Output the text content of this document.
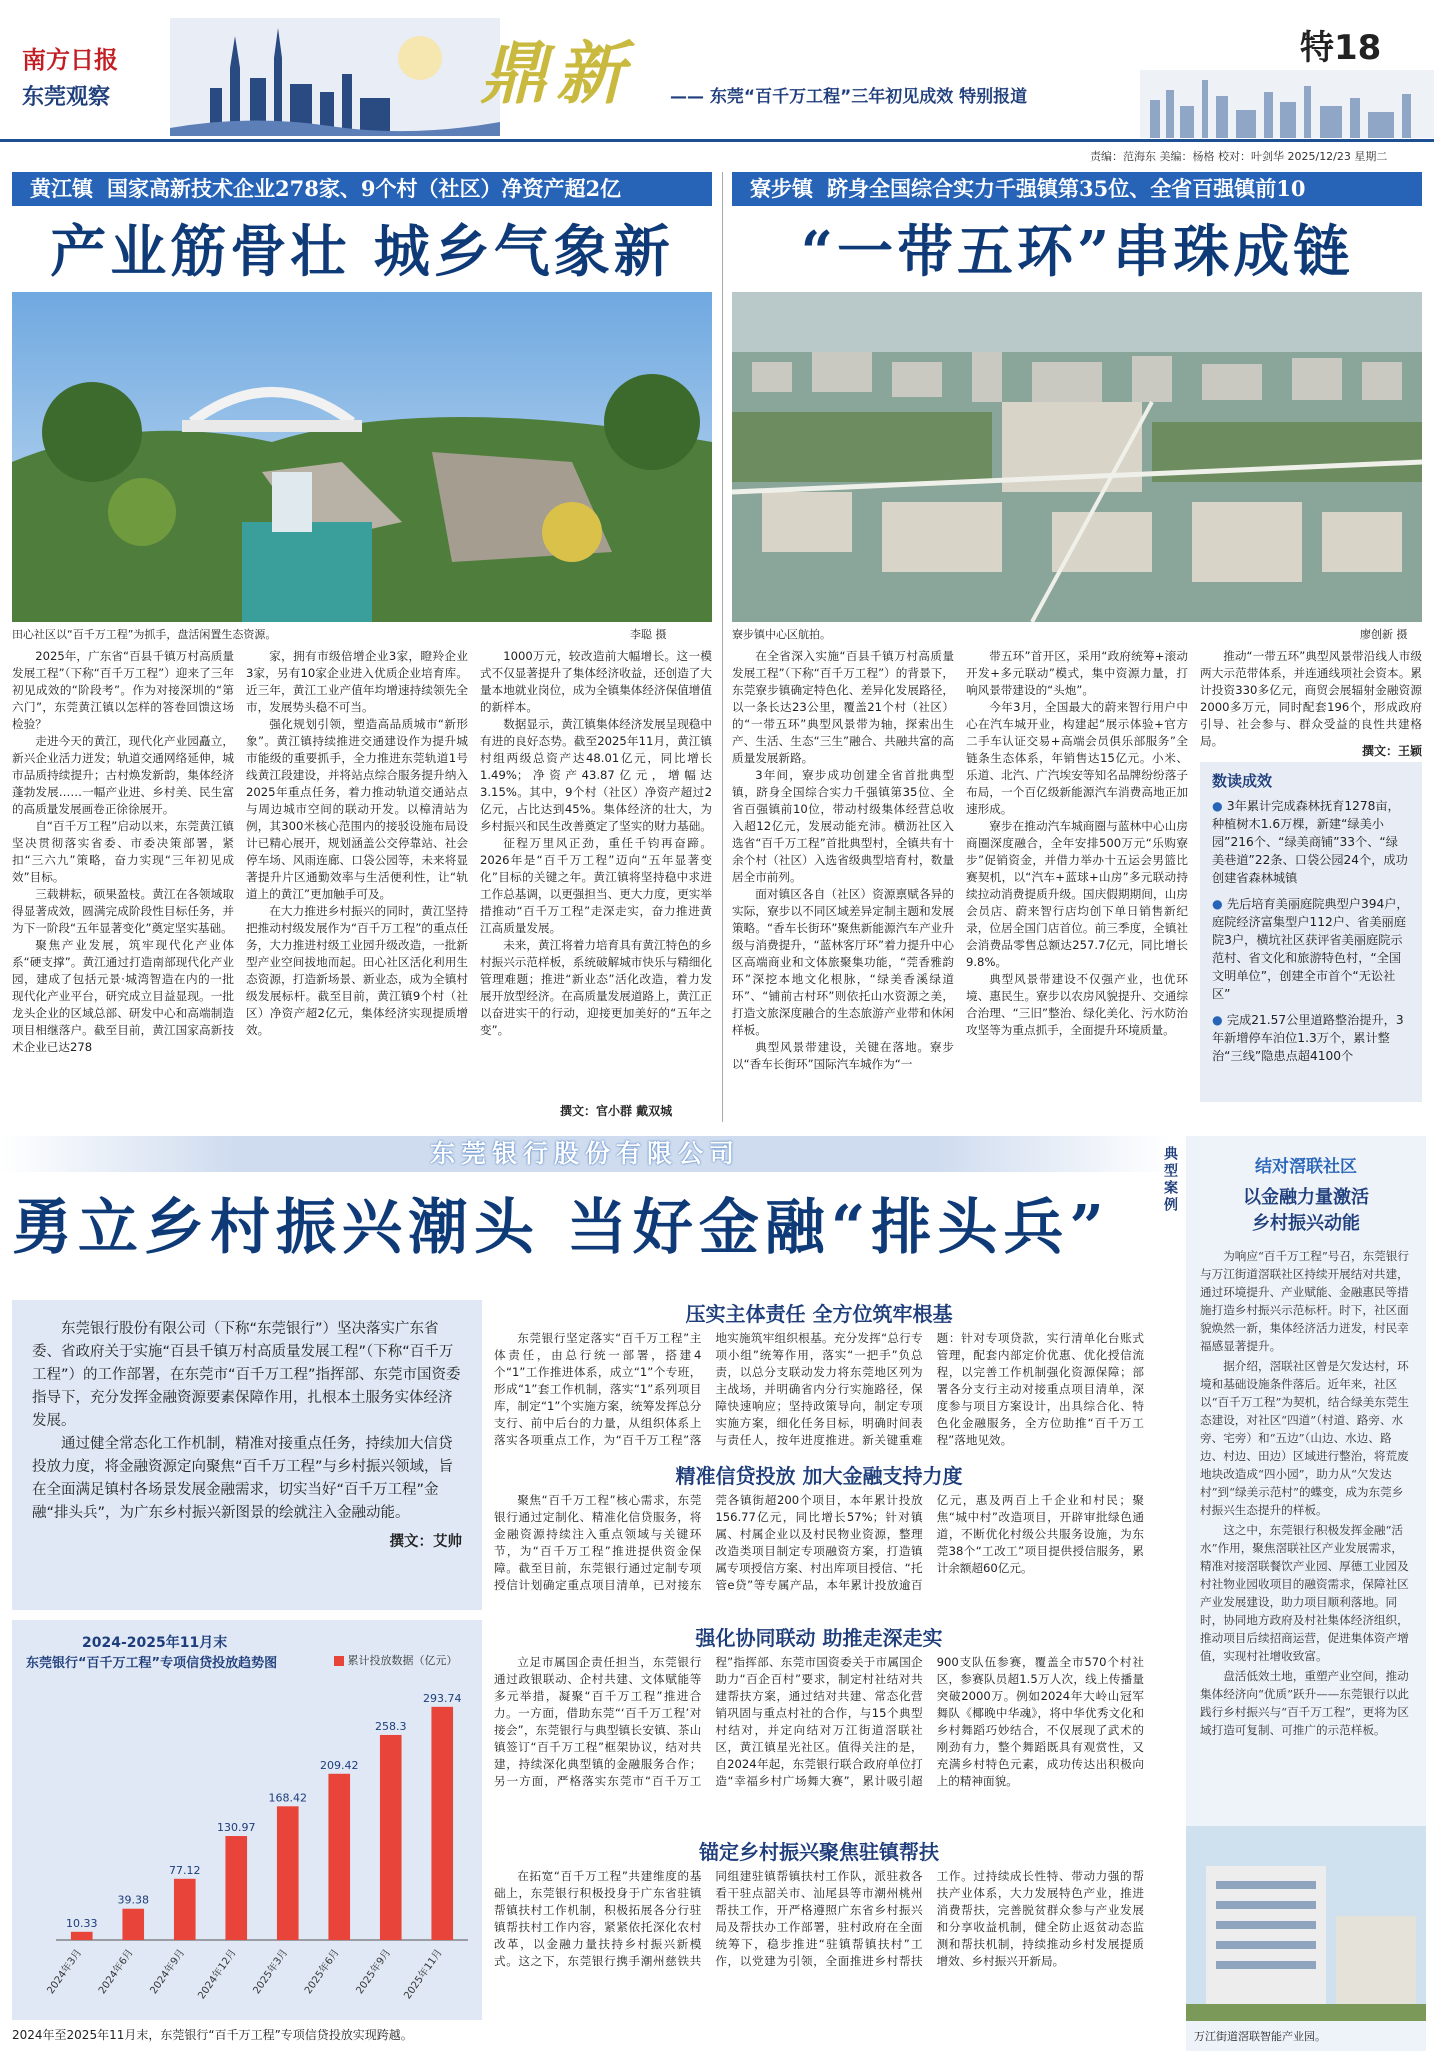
南方日报
东莞观察	鼎新 —— 东莞“百千万工程”三年初见成效 特别报道
特18
责编：范海东 美编：杨格 校对：叶剑华 2025/12/23 星期二
黄江镇 国家高新技术企业278家、9个村（社区）净资产超2亿
产业筋骨壮 城乡气象新
田心社区以“百千万工程”为抓手，盘活闲置生态资源。	李聪 摄

2025年，广东省“百县千镇万村高质量发展工程”（下称“百千万工程”）迎来了三年初见成效的“阶段考”。作为对接深圳的“第六门”，东莞黄江镇以怎样的答卷回馈这场检验？

走进今天的黄江，现代化产业园矗立，新兴企业活力迸发；轨道交通网络延伸，城市品质持续提升；古村焕发新韵，集体经济蓬勃发展……一幅产业进、乡村美、民生富的高质量发展画卷正徐徐展开。

自“百千万工程”启动以来，东莞黄江镇坚决贯彻落实省委、市委决策部署，紧扣“三六九”策略，奋力实现“三年初见成效”目标。

三载耕耘，硕果盈枝。黄江在各领域取得显著成效，圆满完成阶段性目标任务，并为下一阶段“五年显著变化”奠定坚实基础。

聚焦产业发展，筑牢现代化产业体系“硬支撑”。黄江通过打造南部现代化产业园，建成了包括元景·城湾智造在内的一批现代化产业平台，研究成立目益显现。一批龙头企业的区域总部、研发中心和高端制造项目相继落户。截至目前，黄江国家高新技术企业已达278

家，拥有市级倍增企业3家，瞪羚企业3家，另有10家企业进入优质企业培育库。近三年，黄江工业产值年均增速持续领先全市，发展势头稳不可当。

强化规划引领，塑造高品质城市“新形象”。黄江镇持续推进交通建设作为提升城市能级的重要抓手，全力推进东莞轨道1号线黄江段建设，并将站点综合服务提升纳入2025年重点任务，着力推动轨道交通站点与周边城市空间的联动开发。以樟清站为例，其300米核心范围内的接驳设施布局设计已精心展开，规划涵盖公交停靠站、社会停车场、风雨连廊、口袋公园等，未来将显著提升片区通勤效率与生活便利性，让“轨道上的黄江”更加触手可及。

在大力推进乡村振兴的同时，黄江坚持把推动村级发展作为“百千万工程”的重点任务，大力推进村级工业园升级改造，一批新型产业空间拔地而起。田心社区活化利用生态资源，打造新场景、新业态，成为全镇村级发展标杆。截至目前，黄江镇9个村（社区）净资产超2亿元，集体经济实现提质增效。

1000万元，较改造前大幅增长。这一模式不仅显著提升了集体经济收益，还创造了大量本地就业岗位，成为全镇集体经济保值增值的新样本。

数据显示，黄江镇集体经济发展呈现稳中有进的良好态势。截至2025年11月，黄江镇村组两级总资产达48.01亿元，同比增长1.49%；净资产43.87亿元，增幅达3.15%。其中，9个村（社区）净资产超过2亿元，占比达到45%。集体经济的壮大，为乡村振兴和民生改善奠定了坚实的财力基础。

征程万里风正劲，重任千钧再奋蹄。2026年是“百千万工程”迈向“五年显著变化”目标的关键之年。黄江镇将坚持稳中求进工作总基调，以更强担当、更大力度，更实举措推动“百千万工程”走深走实，奋力推进黄江高质量发展。

未来，黄江将着力培育具有黄江特色的乡村振兴示范样板，系统破解城市快乐与精细化管理难题；推进“新业态”活化改造，着力发展开放型经济。在高质量发展道路上，黄江正以奋进实干的行动，迎接更加美好的“五年之变”。

撰文：官小群 戴双城
寮步镇 跻身全国综合实力千强镇第35位、全省百强镇前10
“一带五环”串珠成链
寮步镇中心区航拍。	廖创新 摄

在全省深入实施“百县千镇万村高质量发展工程”（下称“百千万工程”）的背景下，东莞寮步镇确定特色化、差异化发展路径，以一条长达23公里，覆盖21个村（社区）的“一带五环”典型风景带为轴，探索出生产、生活、生态“三生”融合、共融共富的高质量发展新路。

3年间，寮步成功创建全省首批典型镇，跻身全国综合实力千强镇第35位、全省百强镇前10位，带动村级集体经营总收入超12亿元，发展动能充沛。横沥社区入选省“百千万工程”首批典型村，全镇共有十余个村（社区）入选省级典型培育村，数量居全市前列。

面对镇区各自（社区）资源禀赋各异的实际，寮步以不同区域差异定制主题和发展策略。“香车长街环”聚焦新能源汽车产业升级与消费提升，“蓝林客厅环”着力提升中心区高端商业和文体旅聚集功能，“莞香雅韵环”深挖本地文化根脉，“绿美香溪绿道环”、“铺前古村环”则依托山水资源之美，打造文旅深度融合的生态旅游产业带和休闲样板。

典型风景带建设，关键在落地。寮步以“香车长街环”国际汽车城作为“一

带五环”首开区，采用“政府统筹+滚动开发+多元联动”模式，集中资源力量，打响风景带建设的“头炮”。

今年3月，全国最大的蔚来智行用户中心在汽车城开业，构建起“展示体验+官方二手车认证交易+高端会员俱乐部服务”全链条生态体系，年销售达15亿元。小米、乐道、北汽、广汽埃安等知名品牌纷纷落子布局，一个百亿级新能源汽车消费高地正加速形成。

寮步在推动汽车城商圈与蓝林中心山房商圈深度融合，全年安排500万元“乐购寮步”促销资金，并借力举办十五运会男篮比赛契机，以“汽车+蓝球+山房”多元联动持续拉动消费提质升级。国庆假期期间，山房会员店、蔚来智行店均创下单日销售新纪录，位居全国门店首位。前三季度，全镇社会消费品零售总额达257.7亿元，同比增长9.8%。

典型风景带建设不仅强产业，也优环境、惠民生。寮步以农房风貌提升、交通综合治理、“三旧”整治、绿化美化、污水防治攻坚等为重点抓手，全面提升环境质量。

推动“一带五环”典型风景带沿线人市级两大示范带体系，并连通线项社会资本。累计投资330多亿元，商贸会展辐射金融资源2000多万元，同时配套196个，形成政府引导、社会参与、群众受益的良性共建格局。

撰文：王颖
数读成效
● 3年累计完成森林抚育1278亩，种植树木1.6万棵，新建“绿美小园”216个、“绿美商铺”33个、“绿美巷道”22条、口袋公园24个，成功创建省森林城镇
● 先后培育美丽庭院典型户394户，庭院经济富集型户112户、省美丽庭院3户，横坑社区获评省美丽庭院示范村、省文化和旅游特色村，“全国文明单位”，创建全市首个“无讼社区”
● 完成21.57公里道路整治提升，3年新增停车泊位1.3万个，累计整治“三线”隐患点超4100个
东莞银行股份有限公司
勇立乡村振兴潮头 当好金融“排头兵”

东莞银行股份有限公司（下称“东莞银行”）坚决落实广东省委、省政府关于实施“百县千镇万村高质量发展工程”（下称“百千万工程”）的工作部署，在东莞市“百千万工程”指挥部、东莞市国资委指导下，充分发挥金融资源要素保障作用，扎根本土服务实体经济发展。

通过健全常态化工作机制，精准对接重点任务，持续加大信贷投放力度，将金融资源定向聚焦“百千万工程”与乡村振兴领域，旨在全面满足镇村各场景发展金融需求，切实当好“百千万工程”金融“排头兵”，为广东乡村振兴新图景的绘就注入金融动能。

撰文：艾帅
2024-2025年11月末
东莞银行“百千万工程”专项信贷投放趋势图	累计投放数据（亿元）
10.33
2024年3月
39.38
2024年6月
77.12
2024年9月
130.97
2024年12月
168.42
2025年3月
209.42
2025年6月
258.3
2025年9月
293.74
2025年11月
2024年至2025年11月末，东莞银行“百千万工程”专项信贷投放实现跨越。
压实主体责任 全方位筑牢根基

东莞银行坚定落实“百千万工程”主体责任，由总行统一部署，搭建4个“1”工作推进体系，成立“1”个专班，形成“1”套工作机制，落实“1”系列项目库，制定“1”个实施方案，统筹发挥总分支行、前中后台的力量，从组织体系上落实各项重点工作，为“百千万工程”落地实施筑牢组织根基。充分发挥“总行专项小组”统筹作用，落实“一把手”负总责，以总分支联动发力将东莞地区列为主战场，并明确省内分行实施路径，保障快速响应；坚持政策导向，制定专项实施方案，细化任务目标，明确时间表与责任人，按年进度推进。新关键重难题：针对专项贷款，实行清单化台账式管理，配套内部定价优惠、优化授信流程，以完善工作机制强化资源保障；部署各分支行主动对接重点项目清单，深度参与项目方案设计，出具综合化、特色化金融服务，全方位助推“百千万工程”落地见效。

精准信贷投放 加大金融支持力度

聚焦“百千万工程”核心需求，东莞银行通过定制化、精准化信贷服务，将金融资源持续注入重点领域与关键环节，为“百千万工程”推进提供资金保障。截至目前，东莞银行通过定制专项授信计划确定重点项目清单，已对接东莞各镇街超200个项目，本年累计投放156.77亿元，同比增长57%；针对镇属、村属企业以及村民物业资源，整理改造类项目制定专项融资方案，打造镇属专项授信方案、村出库项目授信、“托管e贷”等专属产品，本年累计投放逾百亿元，惠及两百上千企业和村民；聚焦“城中村”改造项目，开辟审批绿色通道，不断优化村级公共服务设施，为东莞38个“工改工”项目提供授信服务，累计余额超60亿元。

强化协同联动 助推走深走实

立足市属国企责任担当，东莞银行通过政银联动、企村共建、文体赋能等多元举措，凝聚“百千万工程”推进合力。一方面，借助东莞“‘百千万工程’对接会”，东莞银行与典型镇长安镇、茶山镇签订“百千万工程”框架协议，结对共建，持续深化典型镇的金融服务合作；另一方面，严格落实东莞市“百千万工程”指挥部、东莞市国资委关于市属国企助力“百企百村”要求，制定村社结对共建帮扶方案，通过结对共建、常态化营销巩固与重点村社的合作，与15个典型村结对，并定向结对万江街道滘联社区，黄江镇星光社区。值得关注的是，自2024年起，东莞银行联合政府单位打造“幸福乡村广场舞大赛”，累计吸引超900支队伍参赛，覆盖全市570个村社区，参赛队员超1.5万人次，线上传播量突破2000万。例如2024年大岭山冠军舞队《椰晚中华魂》，将中华优秀文化和乡村舞蹈巧妙结合，不仅展现了武术的刚劲有力，整个舞蹈既具有观赏性，又充满乡村特色元素，成功传达出积极向上的精神面貌。

锚定乡村振兴聚焦驻镇帮扶

在拓宽“百千万工程”共建维度的基础上，东莞银行积极投身于广东省驻镇帮镇扶村工作机制，积极拓展各分行驻镇帮扶村工作内容，紧紧依托深化农村改革，以金融力量扶持乡村振兴新模式。这之下，东莞银行携手潮州慈铁共同组建驻镇帮镇扶村工作队，派驻救各看干驻点韶关市、汕尾县等市潮州桃州帮扶工作，开严格遵照广东省乡村振兴局及帮扶办工作部署，驻村政府在全面统筹下，稳步推进“驻镇帮镇扶村”工作，以党建为引领，全面推进乡村帮扶工作。过持续成长性特、带动力强的帮扶产业体系，大力发展特色产业，推进消费帮扶，完善脱贫群众参与产业发展和分享收益机制，健全防止返贫动态监测和帮扶机制，持续推动乡村发展提质增效、乡村振兴开新局。

典型案例	结对滘联社区
以金融力量激活
乡村振兴动能

为响应“百千万工程”号召，东莞银行与万江街道滘联社区持续开展结对共建，通过环境提升、产业赋能、金融惠民等措施打造乡村振兴示范标杆。时下，社区面貌焕然一新，集体经济活力迸发，村民幸福感显著提升。

据介绍，滘联社区曾是欠发达村，环境和基础设施条件落后。近年来，社区以“百千万工程”为契机，结合绿美东莞生态建设，对社区“四道”（村道、路旁、水旁、宅旁）和“五边”（山边、水边、路边、村边、田边）区域进行整治，将荒废地块改造成“四小园”，助力从“欠发达村”到“绿美示范村”的蝶变，成为东莞乡村振兴生态提升的样板。

这之中，东莞银行积极发挥金融“活水”作用，聚焦滘联社区产业发展需求，精准对接滘联餐饮产业园、厚德工业园及村社物业园收项目的融资需求，保障社区产业发展建设，助力项目顺利落地。同时，协同地方政府及村社集体经济组织，推动项目后续招商运营，促进集体资产增值，实现村社增收致富。

盘活低效土地，重塑产业空间，推动集体经济向“优质”跃升——东莞银行以此践行乡村振兴与“百千万工程”，更将为区域打造可复制、可推广的示范样板。

万江街道滘联智能产业园。
